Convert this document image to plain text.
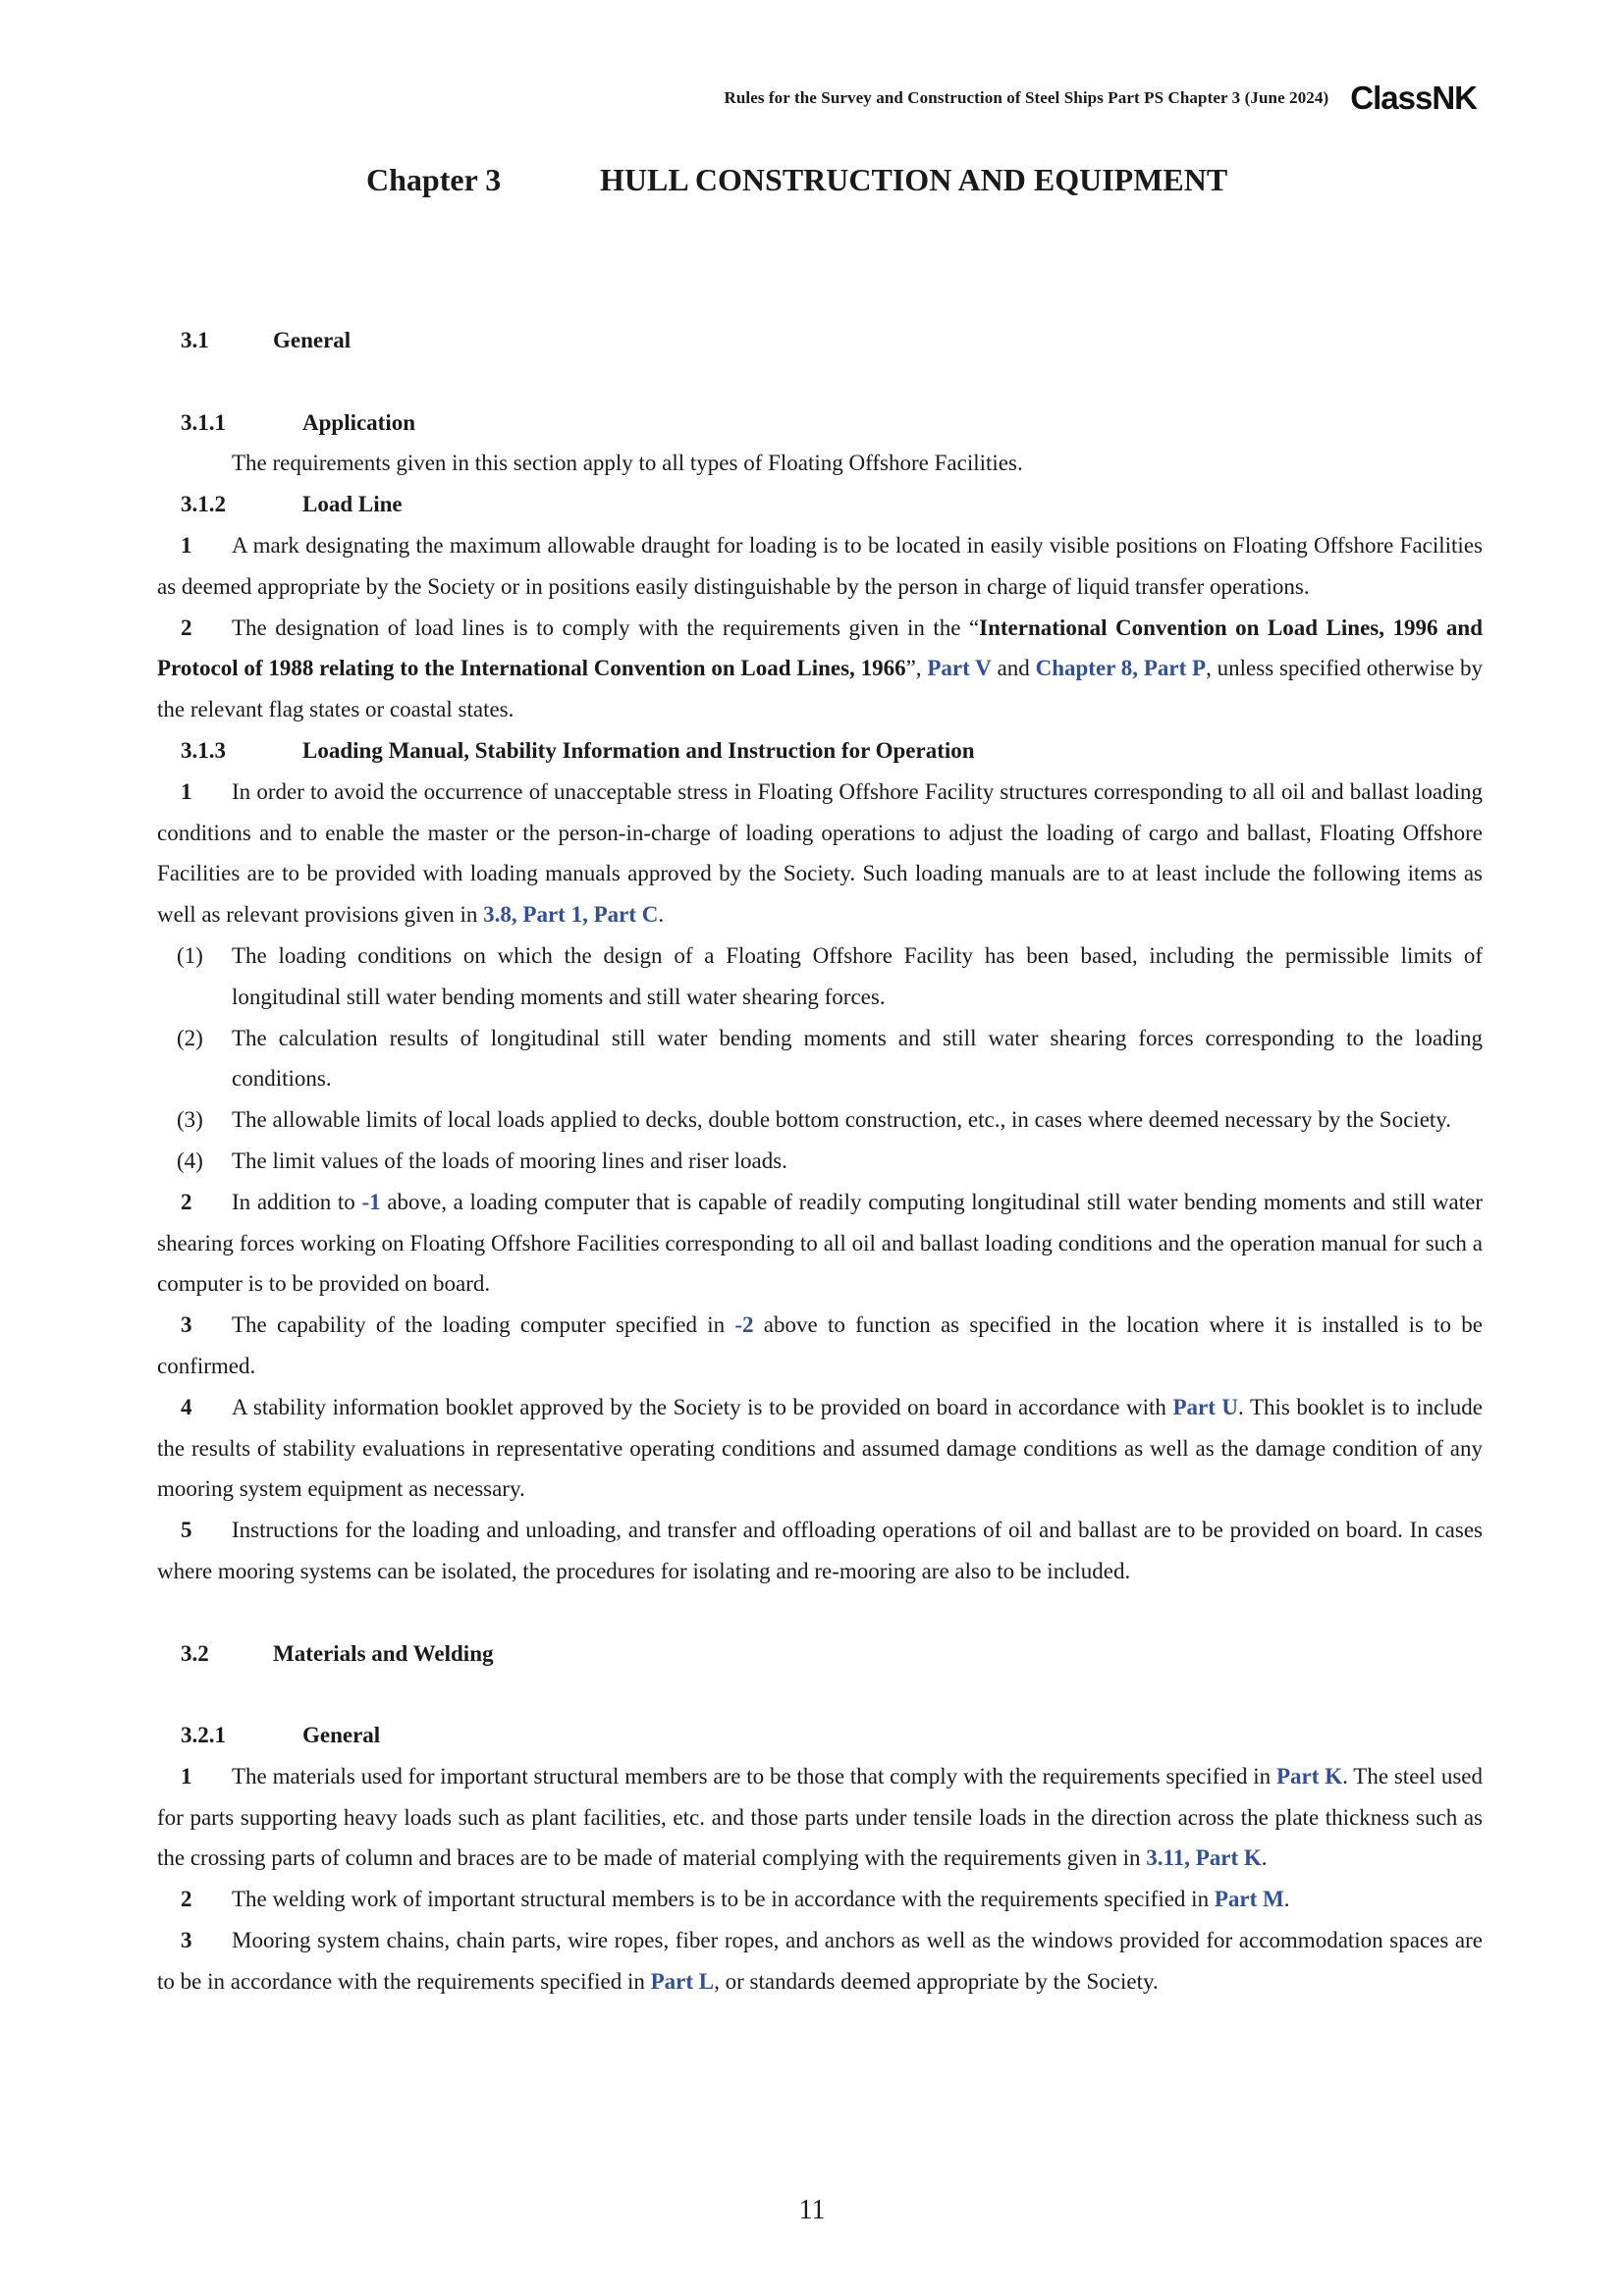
Rules for the Survey and Construction of Steel Ships Part PS Chapter 3 (June 2024) ClassNK
Chapter 3	HULL CONSTRUCTION AND EQUIPMENT
3.1	General
3.1.1	Application

The requirements given in this section apply to all types of Floating Offshore Facilities.

3.1.2	Load Line

1 A mark designating the maximum allowable draught for loading is to be located in easily visible positions on Floating Offshore Facilities as deemed appropriate by the Society or in positions easily distinguishable by the person in charge of liquid transfer operations.

2 The designation of load lines is to comply with the requirements given in the “International Convention on Load Lines, 1996 and Protocol of 1988 relating to the International Convention on Load Lines, 1966”, Part V and Chapter 8, Part P, unless specified otherwise by the relevant flag states or coastal states.

3.1.3	Loading Manual, Stability Information and Instruction for Operation

1 In order to avoid the occurrence of unacceptable stress in Floating Offshore Facility structures corresponding to all oil and ballast loading conditions and to enable the master or the person-in-charge of loading operations to adjust the loading of cargo and ballast, Floating Offshore Facilities are to be provided with loading manuals approved by the Society. Such loading manuals are to at least include the following items as well as relevant provisions given in 3.8, Part 1, Part C.

(1) The loading conditions on which the design of a Floating Offshore Facility has been based, including the permissible limits of longitudinal still water bending moments and still water shearing forces.

(2) The calculation results of longitudinal still water bending moments and still water shearing forces corresponding to the loading conditions.

(3) The allowable limits of local loads applied to decks, double bottom construction, etc., in cases where deemed necessary by the Society.

(4) The limit values of the loads of mooring lines and riser loads.

2 In addition to -1 above, a loading computer that is capable of readily computing longitudinal still water bending moments and still water shearing forces working on Floating Offshore Facilities corresponding to all oil and ballast loading conditions and the operation manual for such a computer is to be provided on board.

3 The capability of the loading computer specified in -2 above to function as specified in the location where it is installed is to be confirmed.

4 A stability information booklet approved by the Society is to be provided on board in accordance with Part U. This booklet is to include the results of stability evaluations in representative operating conditions and assumed damage conditions as well as the damage condition of any mooring system equipment as necessary.

5 Instructions for the loading and unloading, and transfer and offloading operations of oil and ballast are to be provided on board. In cases where mooring systems can be isolated, the procedures for isolating and re-mooring are also to be included.

3.2	Materials and Welding
3.2.1	General

1 The materials used for important structural members are to be those that comply with the requirements specified in Part K. The steel used for parts supporting heavy loads such as plant facilities, etc. and those parts under tensile loads in the direction across the plate thickness such as the crossing parts of column and braces are to be made of material complying with the requirements given in 3.11, Part K.

2 The welding work of important structural members is to be in accordance with the requirements specified in Part M.

3 Mooring system chains, chain parts, wire ropes, fiber ropes, and anchors as well as the windows provided for accommodation spaces are to be in accordance with the requirements specified in Part L, or standards deemed appropriate by the Society.

11
